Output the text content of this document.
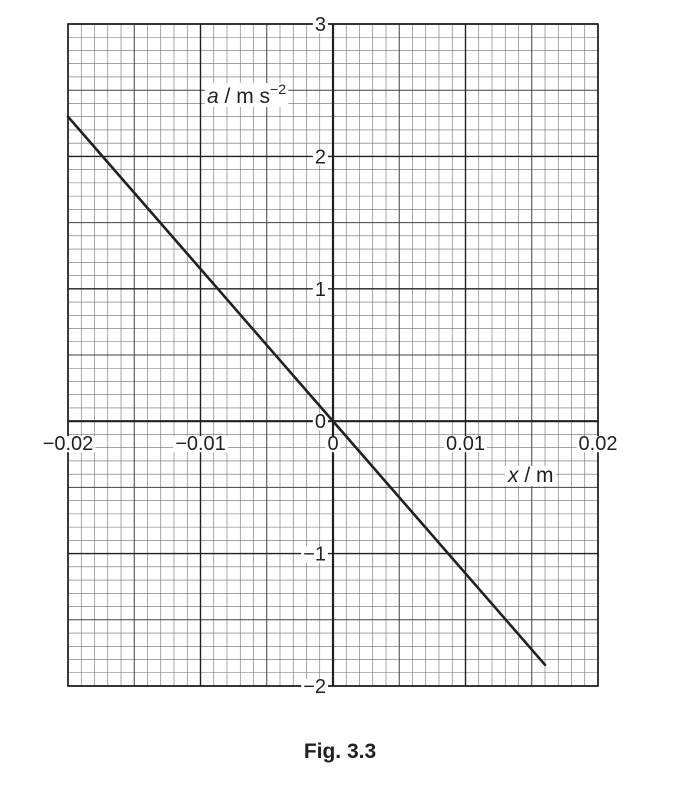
−2
−1
0
1
2
3
−0.02	−0.01	0	0.01	0.02
a / m $s^{-2}$
x / m
Fig. 3.3
